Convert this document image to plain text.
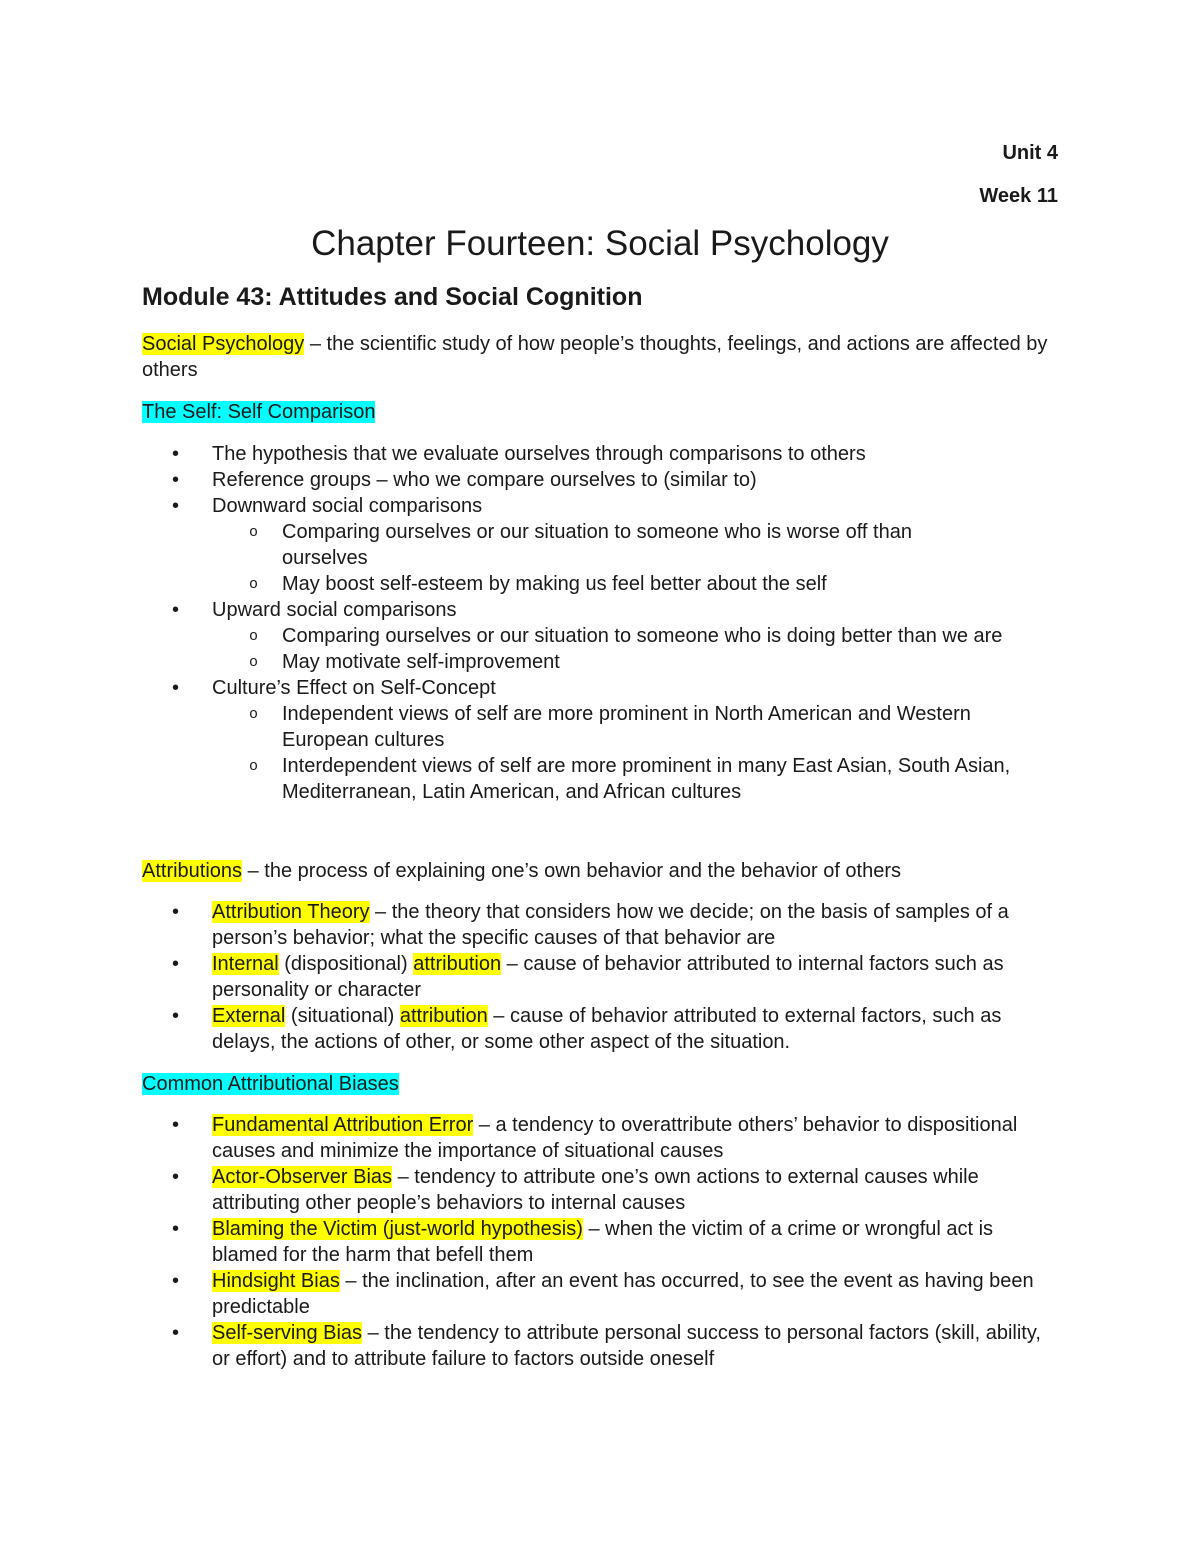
Unit 4
Week 11
Chapter Fourteen: Social Psychology
Module 43: Attitudes and Social Cognition
Social Psychology – the scientific study of how people’s thoughts, feelings, and actions are affected by others
The Self: Self Comparison
• The hypothesis that we evaluate ourselves through comparisons to others
• Reference groups – who we compare ourselves to (similar to)
• Downward social comparisons
o Comparing ourselves or our situation to someone who is worse off than ourselves
o May boost self-esteem by making us feel better about the self
• Upward social comparisons
o Comparing ourselves or our situation to someone who is doing better than we are
o May motivate self-improvement
• Culture’s Effect on Self-Concept
o Independent views of self are more prominent in North American and Western European cultures
o Interdependent views of self are more prominent in many East Asian, South Asian, Mediterranean, Latin American, and African cultures
Attributions – the process of explaining one’s own behavior and the behavior of others
• Attribution Theory – the theory that considers how we decide; on the basis of samples of a person’s behavior; what the specific causes of that behavior are
• Internal (dispositional) attribution – cause of behavior attributed to internal factors such as personality or character
• External (situational) attribution – cause of behavior attributed to external factors, such as delays, the actions of other, or some other aspect of the situation.
Common Attributional Biases
• Fundamental Attribution Error – a tendency to overattribute others’ behavior to dispositional causes and minimize the importance of situational causes
• Actor-Observer Bias – tendency to attribute one’s own actions to external causes while attributing other people’s behaviors to internal causes
• Blaming the Victim (just-world hypothesis) – when the victim of a crime or wrongful act is blamed for the harm that befell them
• Hindsight Bias – the inclination, after an event has occurred, to see the event as having been predictable
• Self-serving Bias – the tendency to attribute personal success to personal factors (skill, ability, or effort) and to attribute failure to factors outside oneself
